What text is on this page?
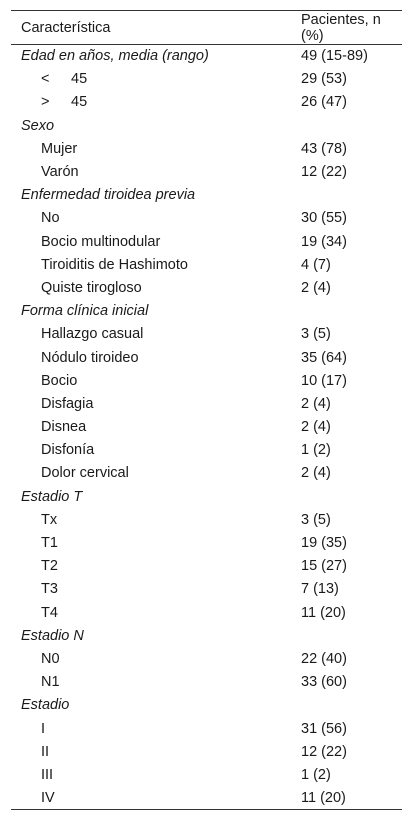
Característica	Pacientes, n (%)
Edad en años, media (rango)	49 (15-89)
< 45	29 (53)
> 45	26 (47)
Sexo	
Mujer	43 (78)
Varón	12 (22)
Enfermedad tiroidea previa	
No	30 (55)
Bocio multinodular	19 (34)
Tiroiditis de Hashimoto	4 (7)
Quiste tirogloso	2 (4)
Forma clínica inicial	
Hallazgo casual	3 (5)
Nódulo tiroideo	35 (64)
Bocio	10 (17)
Disfagia	2 (4)
Disnea	2 (4)
Disfonía	1 (2)
Dolor cervical	2 (4)
Estadio T	
Tx	3 (5)
T1	19 (35)
T2	15 (27)
T3	7 (13)
T4	11 (20)
Estadio N	
N0	22 (40)
N1	33 (60)
Estadio	
I	31 (56)
II	12 (22)
III	1 (2)
IV	11 (20)
